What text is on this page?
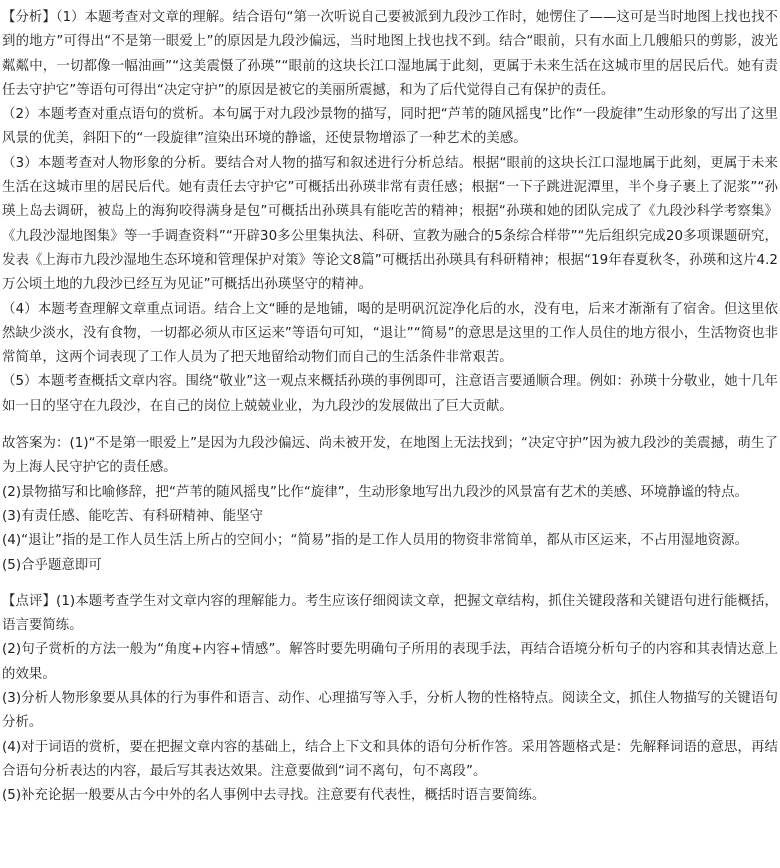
【分析】（1）本题考查对文章的理解。结合语句“第一次听说自己要被派到九段沙工作时，她愣住了——这可是当时地图上找也找不到的地方”可得出“不是第一眼爱上”的原因是九段沙偏远，当时地图上找也找不到。结合“眼前，只有水面上几艘船只的剪影，波光粼粼中，一切都像一幅油画”“这美震慑了孙瑛”“眼前的这块长江口湿地属于此刻，更属于未来生活在这城市里的居民后代。她有责任去守护它”等语句可得出“决定守护”的原因是被它的美丽所震撼，和为了后代觉得自己有保护的责任。

（2）本题考查对重点语句的赏析。本句属于对九段沙景物的描写，同时把“芦苇的随风摇曳”比作“一段旋律”生动形象的写出了这里风景的优美，斜阳下的“一段旋律”渲染出环境的静谧，还使景物增添了一种艺术的美感。

（3）本题考查对人物形象的分析。要结合对人物的描写和叙述进行分析总结。根据“眼前的这块长江口湿地属于此刻，更属于未来生活在这城市里的居民后代。她有责任去守护它”可概括出孙瑛非常有责任感；根据“一下子跳进泥潭里，半个身子裹上了泥浆”“孙瑛上岛去调研，被岛上的海狗咬得满身是包”可概括出孙瑛具有能吃苦的精神；根据“孙瑛和她的团队完成了《九段沙科学考察集》《九段沙湿地图集》等一手调查资料”“开辟30多公里集执法、科研、宣教为融合的5条综合样带”“先后组织完成20多项课题研究，发表《上海市九段沙湿地生态环境和管理保护对策》等论文8篇”可概括出孙瑛具有科研精神；根据“19年春夏秋冬，孙瑛和这片4.2万公顷土地的九段沙已经互为见证”可概括出孙瑛坚守的精神。

（4）本题考查理解文章重点词语。结合上文“睡的是地铺，喝的是明矾沉淀净化后的水，没有电，后来才渐渐有了宿舍。但这里依然缺少淡水，没有食物，一切都必须从市区运来”等语句可知，“退让”“简易”的意思是这里的工作人员住的地方很小，生活物资也非常简单，这两个词表现了工作人员为了把天地留给动物们而自己的生活条件非常艰苦。

（5）本题考查概括文章内容。围绕“敬业”这一观点来概括孙瑛的事例即可，注意语言要通顺合理。例如：孙瑛十分敬业，她十几年如一日的坚守在九段沙，在自己的岗位上兢兢业业，为九段沙的发展做出了巨大贡献。

故答案为：(1)“不是第一眼爱上”是因为九段沙偏远、尚未被开发，在地图上无法找到；“决定守护”因为被九段沙的美震撼，萌生了为上海人民守护它的责任感。

(2)景物描写和比喻修辞，把“芦苇的随风摇曳”比作“旋律”，生动形象地写出九段沙的风景富有艺术的美感、环境静谧的特点。

(3)有责任感、能吃苦、有科研精神、能坚守

(4)“退让”指的是工作人员生活上所占的空间小；“简易”指的是工作人员用的物资非常简单，都从市区运来，不占用湿地资源。

(5)合乎题意即可

【点评】(1)本题考查学生对文章内容的理解能力。考生应该仔细阅读文章，把握文章结构，抓住关键段落和关键语句进行能概括，语言要简练。

(2)句子赏析的方法一般为“角度+内容+情感”。解答时要先明确句子所用的表现手法，再结合语境分析句子的内容和其表情达意上的效果。

(3)分析人物形象要从具体的行为事件和语言、动作、心理描写等入手，分析人物的性格特点。阅读全文，抓住人物描写的关键语句分析。

(4)对于词语的赏析，要在把握文章内容的基础上，结合上下文和具体的语句分析作答。采用答题格式是：先解释词语的意思，再结合语句分析表达的内容，最后写其表达效果。注意要做到“词不离句，句不离段”。

(5)补充论据一般要从古今中外的名人事例中去寻找。注意要有代表性，概括时语言要简练。
